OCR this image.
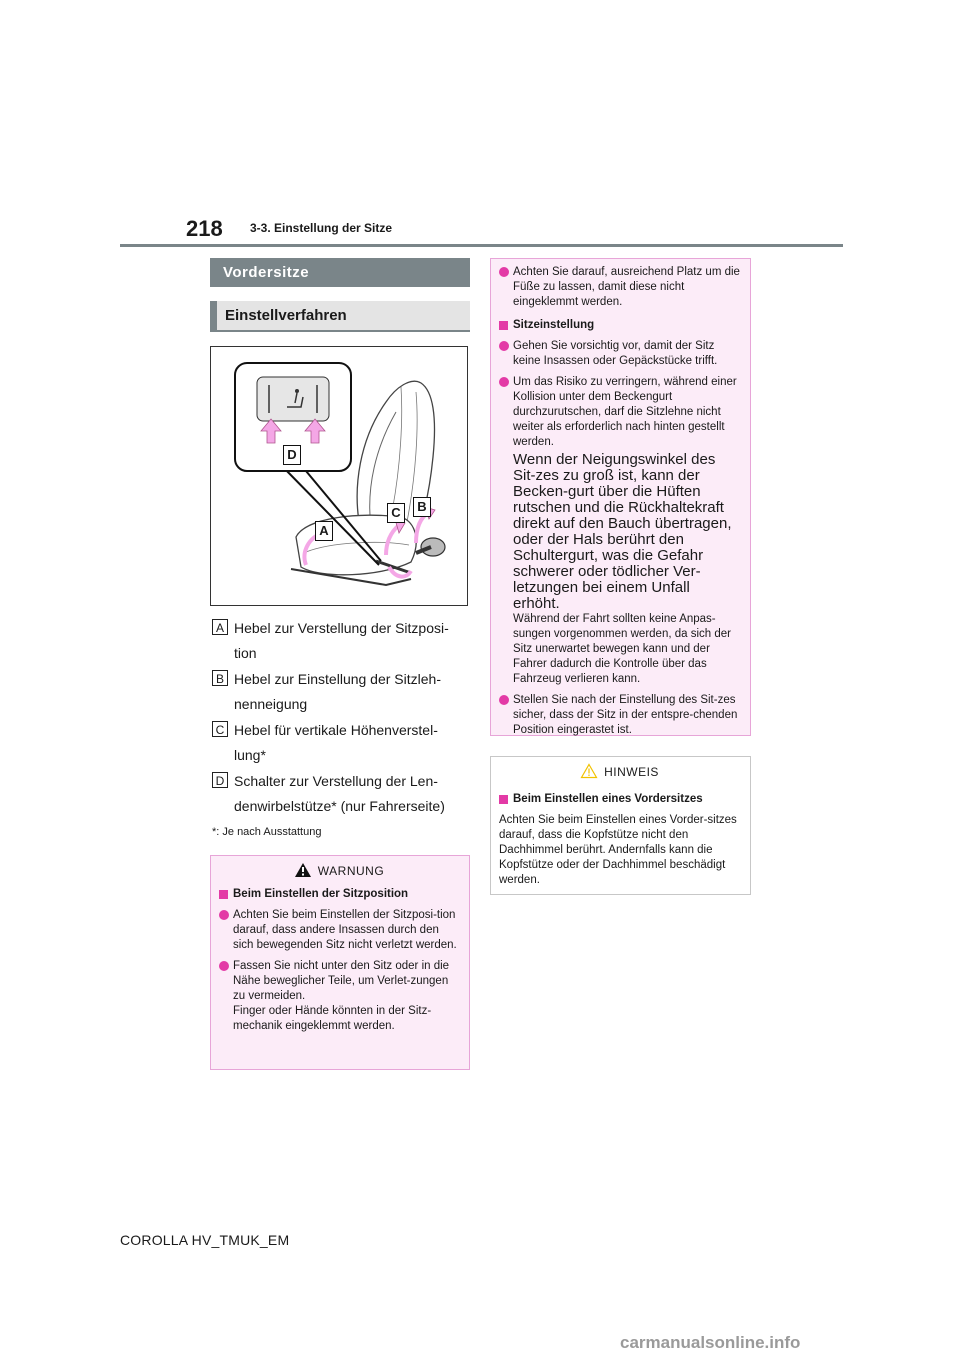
218 3-3. Einstellung der Sitze
Vordersitze
Einstellverfahren
D
C	B
A
A Hebel zur Verstellung der Sitzposi-
tion
B Hebel zur Einstellung der Sitzleh-
nenneigung
C Hebel für vertikale Höhenverstel-
lung*
D Schalter zur Verstellung der Len-
denwirbelstütze* (nur Fahrerseite)
*: Je nach Ausstattung
WARNUNG
Beim Einstellen der Sitzposition
Achten Sie beim Einstellen der Sitzposi-tion darauf, dass andere Insassen durch den sich bewegenden Sitz nicht verletzt werden.
Fassen Sie nicht unter den Sitz oder in die Nähe beweglicher Teile, um Verlet-zungen zu vermeiden.
Finger oder Hände könnten in der Sitz-mechanik eingeklemmt werden.
Achten Sie darauf, ausreichend Platz um die Füße zu lassen, damit diese nicht eingeklemmt werden.
Sitzeinstellung
Gehen Sie vorsichtig vor, damit der Sitz keine Insassen oder Gepäckstücke trifft.
Um das Risiko zu verringern, während einer Kollision unter dem Beckengurt durchzurutschen, darf die Sitzlehne nicht weiter als erforderlich nach hinten gestellt werden.
Wenn der Neigungswinkel des Sit-zes zu groß ist, kann der Becken-gurt über die Hüften rutschen und die Rückhaltekraft direkt auf den Bauch übertragen, oder der Hals berührt den Schultergurt, was die Gefahr schwerer oder tödlicher Ver-letzungen bei einem Unfall erhöht.
Während der Fahrt sollten keine Anpas-sungen vorgenommen werden, da sich der Sitz unerwartet bewegen kann und der Fahrer dadurch die Kontrolle über das Fahrzeug verlieren kann.
Stellen Sie nach der Einstellung des Sit-zes sicher, dass der Sitz in der entspre-chenden Position eingerastet ist.
HINWEIS
Beim Einstellen eines Vordersitzes
Achten Sie beim Einstellen eines Vorder-sitzes darauf, dass die Kopfstütze nicht den Dachhimmel berührt. Andernfalls kann die Kopfstütze oder der Dachhimmel beschädigt werden.
COROLLA HV_TMUK_EM
carmanualsonline.info
